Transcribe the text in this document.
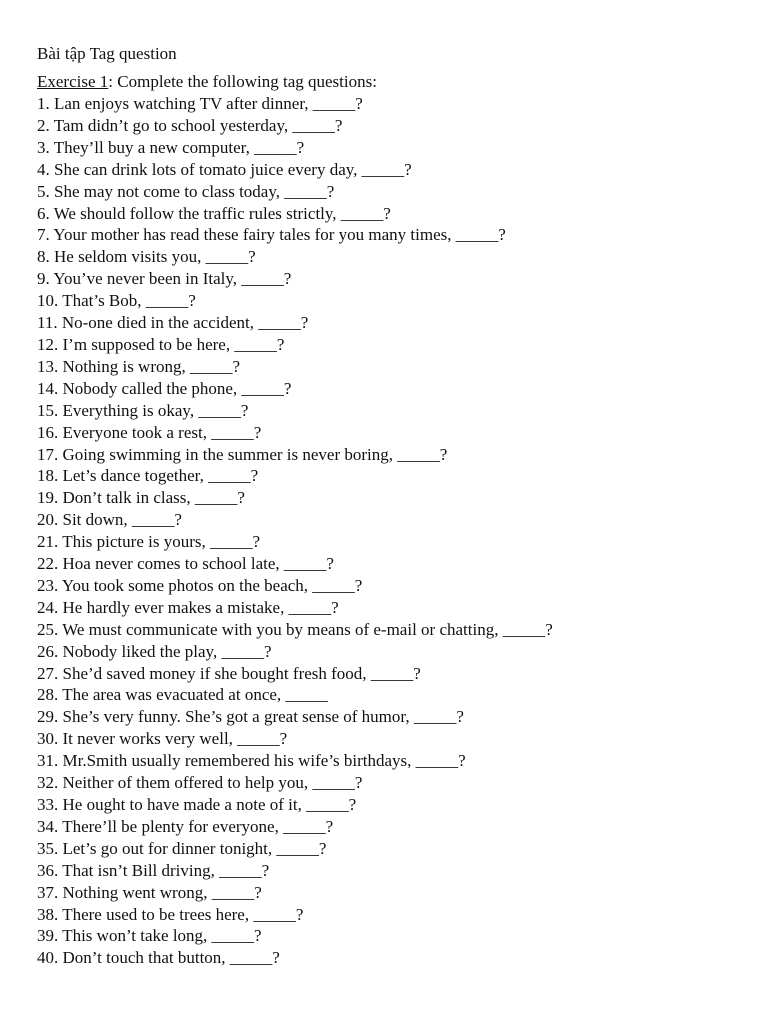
Bài tập Tag question
Exercise 1: Complete the following tag questions:
1. Lan enjoys watching TV after dinner, _____?
2. Tam didn’t go to school yesterday, _____?
3. They’ll buy a new computer, _____?
4. She can drink lots of tomato juice every day, _____?
5. She may not come to class today, _____?
6. We should follow the traffic rules strictly, _____?
7. Your mother has read these fairy tales for you many times, _____?
8. He seldom visits you, _____?
9. You’ve never been in Italy, _____?
10. That’s Bob, _____?
11. No-one died in the accident, _____?
12. I’m supposed to be here, _____?
13. Nothing is wrong, _____?
14. Nobody called the phone, _____?
15. Everything is okay, _____?
16. Everyone took a rest, _____?
17. Going swimming in the summer is never boring, _____?
18. Let’s dance together, _____?
19. Don’t talk in class, _____?
20. Sit down, _____?
21. This picture is yours, _____?
22. Hoa never comes to school late, _____?
23. You took some photos on the beach, _____?
24. He hardly ever makes a mistake, _____?
25. We must communicate with you by means of e-mail or chatting, _____?
26. Nobody liked the play, _____?
27. She’d saved money if she bought fresh food, _____?
28. The area was evacuated at once, _____
29. She’s very funny. She’s got a great sense of humor, _____?
30. It never works very well, _____?
31. Mr.Smith usually remembered his wife’s birthdays, _____?
32. Neither of them offered to help you, _____?
33. He ought to have made a note of it, _____?
34. There’ll be plenty for everyone, _____?
35. Let’s go out for dinner tonight, _____?
36. That isn’t Bill driving, _____?
37. Nothing went wrong, _____?
38. There used to be trees here, _____?
39. This won’t take long, _____?
40. Don’t touch that button, _____?
